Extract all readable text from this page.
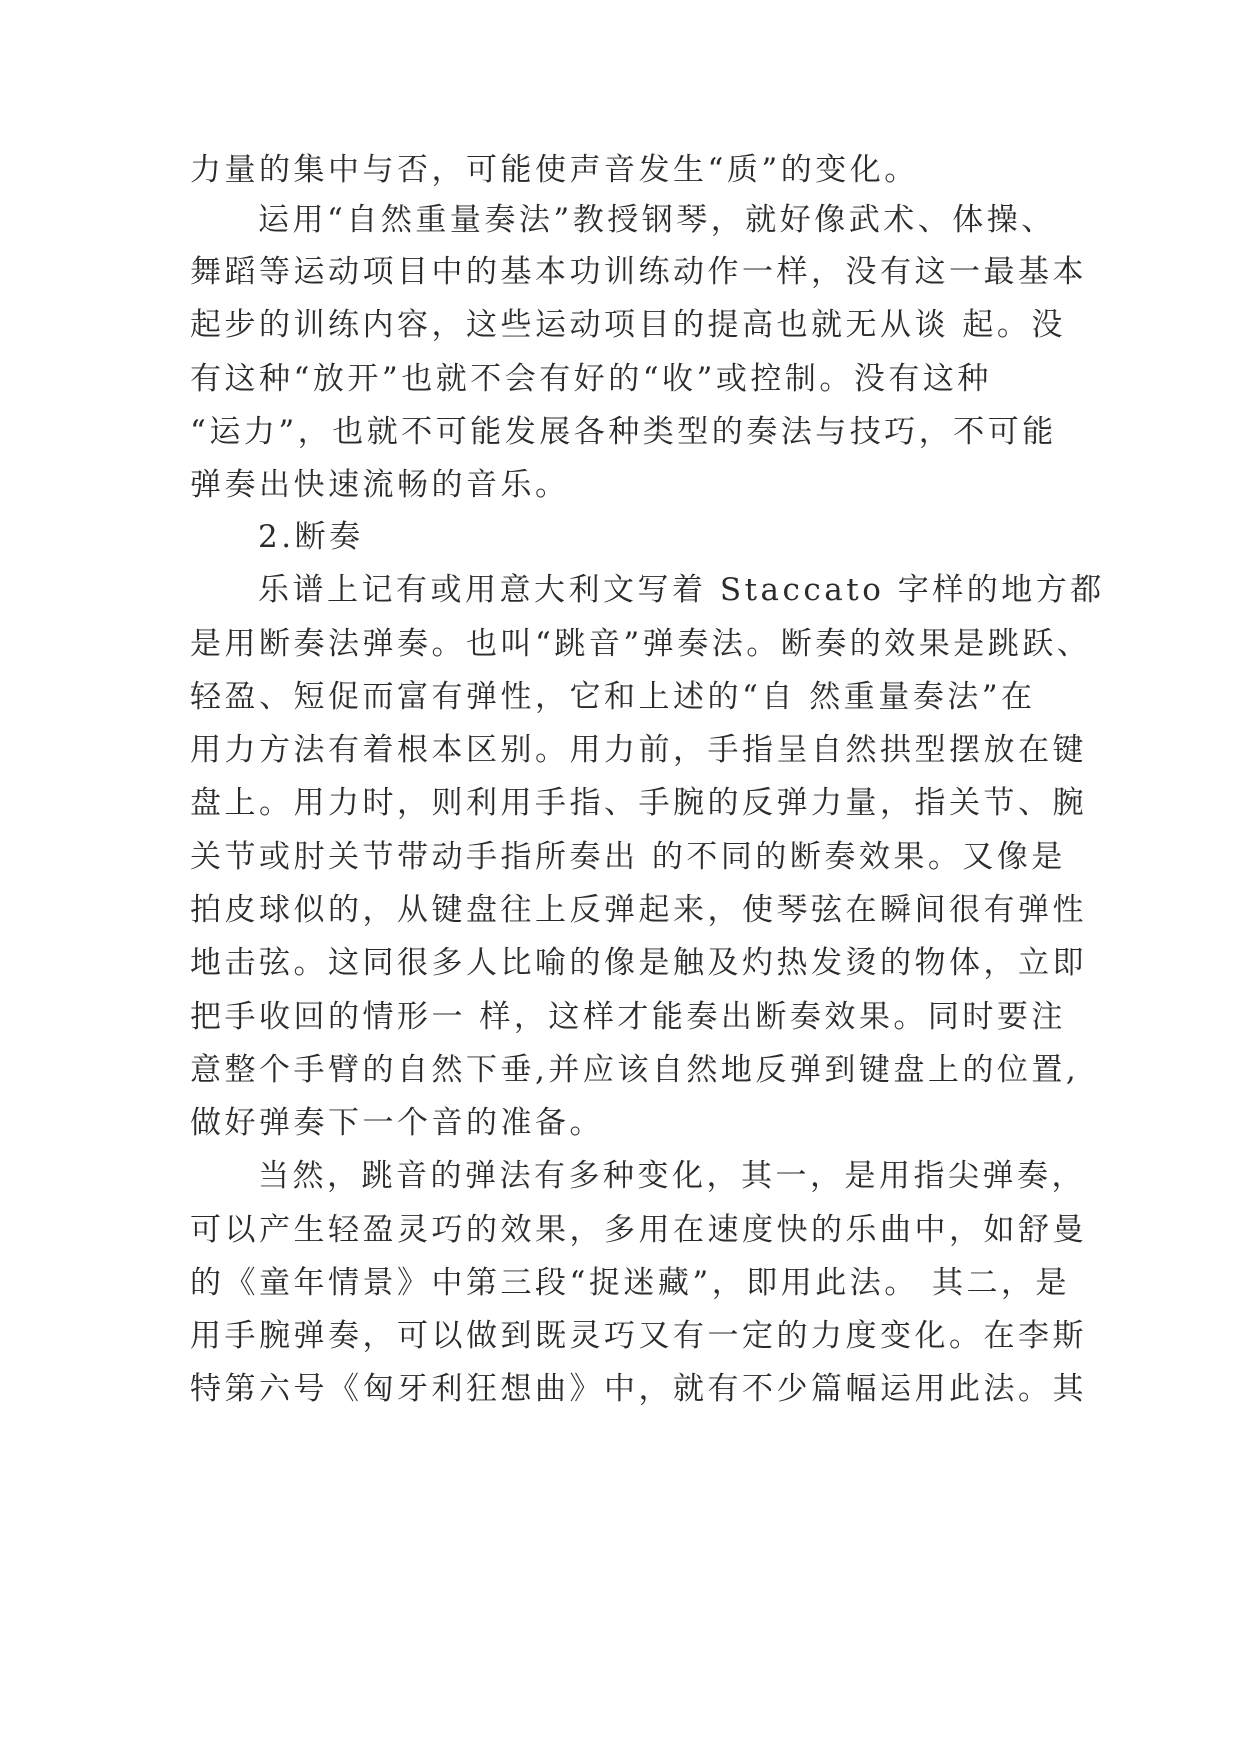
力量的集中与否，可能使声音发生“质”的变化。
运用“自然重量奏法”教授钢琴，就好像武术、体操、
舞蹈等运动项目中的基本功训练动作一样，没有这一最基本
起步的训练内容，这些运动项目的提高也就无从谈 起。没
有这种“放开”也就不会有好的“收”或控制。没有这种
“运力”，也就不可能发展各种类型的奏法与技巧，不可能
弹奏出快速流畅的音乐。
2.断奏
乐谱上记有或用意大利文写着 Staccato 字样的地方都
是用断奏法弹奏。也叫“跳音”弹奏法。断奏的效果是跳跃、
轻盈、短促而富有弹性，它和上述的“自 然重量奏法”在
用力方法有着根本区别。用力前，手指呈自然拱型摆放在键
盘上。用力时，则利用手指、手腕的反弹力量，指关节、腕
关节或肘关节带动手指所奏出 的不同的断奏效果。又像是
拍皮球似的，从键盘往上反弹起来，使琴弦在瞬间很有弹性
地击弦。这同很多人比喻的像是触及灼热发烫的物体，立即
把手收回的情形一 样，这样才能奏出断奏效果。同时要注
意整个手臂的自然下垂,并应该自然地反弹到键盘上的位置,
做好弹奏下一个音的准备。
当然，跳音的弹法有多种变化，其一，是用指尖弹奏，
可以产生轻盈灵巧的效果，多用在速度快的乐曲中，如舒曼
的《童年情景》中第三段“捉迷藏”，即用此法。 其二，是
用手腕弹奏，可以做到既灵巧又有一定的力度变化。在李斯
特第六号《匈牙利狂想曲》中，就有不少篇幅运用此法。其
